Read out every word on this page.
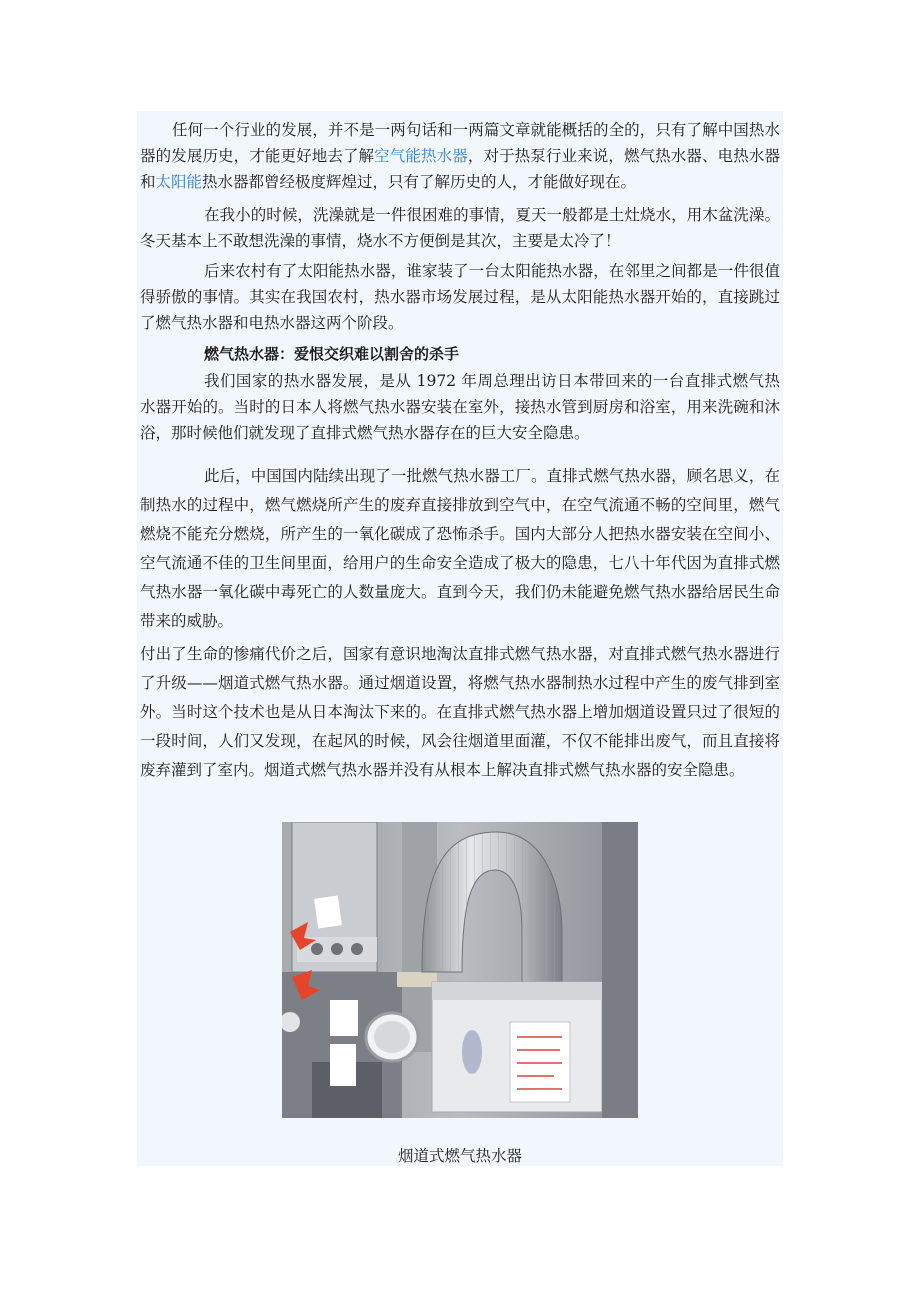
任何一个行业的发展，并不是一两句话和一两篇文章就能概括的全的，只有了解中国热水器的发展历史，才能更好地去了解空气能热水器，对于热泵行业来说，燃气热水器、电热水器和太阳能热水器都曾经极度辉煌过，只有了解历史的人，才能做好现在。
在我小的时候，洗澡就是一件很困难的事情，夏天一般都是土灶烧水，用木盆洗澡。冬天基本上不敢想洗澡的事情，烧水不方便倒是其次，主要是太冷了！
后来农村有了太阳能热水器，谁家装了一台太阳能热水器，在邻里之间都是一件很值得骄傲的事情。其实在我国农村，热水器市场发展过程，是从太阳能热水器开始的，直接跳过了燃气热水器和电热水器这两个阶段。
燃气热水器：爱恨交织难以割舍的杀手
我们国家的热水器发展，是从 1972 年周总理出访日本带回来的一台直排式燃气热水器开始的。当时的日本人将燃气热水器安装在室外，接热水管到厨房和浴室，用来洗碗和沐浴，那时候他们就发现了直排式燃气热水器存在的巨大安全隐患。
此后，中国国内陆续出现了一批燃气热水器工厂。直排式燃气热水器，顾名思义，在制热水的过程中，燃气燃烧所产生的废弃直接排放到空气中，在空气流通不畅的空间里，燃气燃烧不能充分燃烧，所产生的一氧化碳成了恐怖杀手。国内大部分人把热水器安装在空间小、空气流通不佳的卫生间里面，给用户的生命安全造成了极大的隐患，七八十年代因为直排式燃气热水器一氧化碳中毒死亡的人数量庞大。直到今天，我们仍未能避免燃气热水器给居民生命带来的威胁。
付出了生命的惨痛代价之后，国家有意识地淘汰直排式燃气热水器，对直排式燃气热水器进行了升级——烟道式燃气热水器。通过烟道设置，将燃气热水器制热水过程中产生的废气排到室外。当时这个技术也是从日本淘汰下来的。在直排式燃气热水器上增加烟道设置只过了很短的一段时间，人们又发现，在起风的时候，风会往烟道里面灌，不仅不能排出废气，而且直接将废弃灌到了室内。烟道式燃气热水器并没有从根本上解决直排式燃气热水器的安全隐患。
烟道式燃气热水器
